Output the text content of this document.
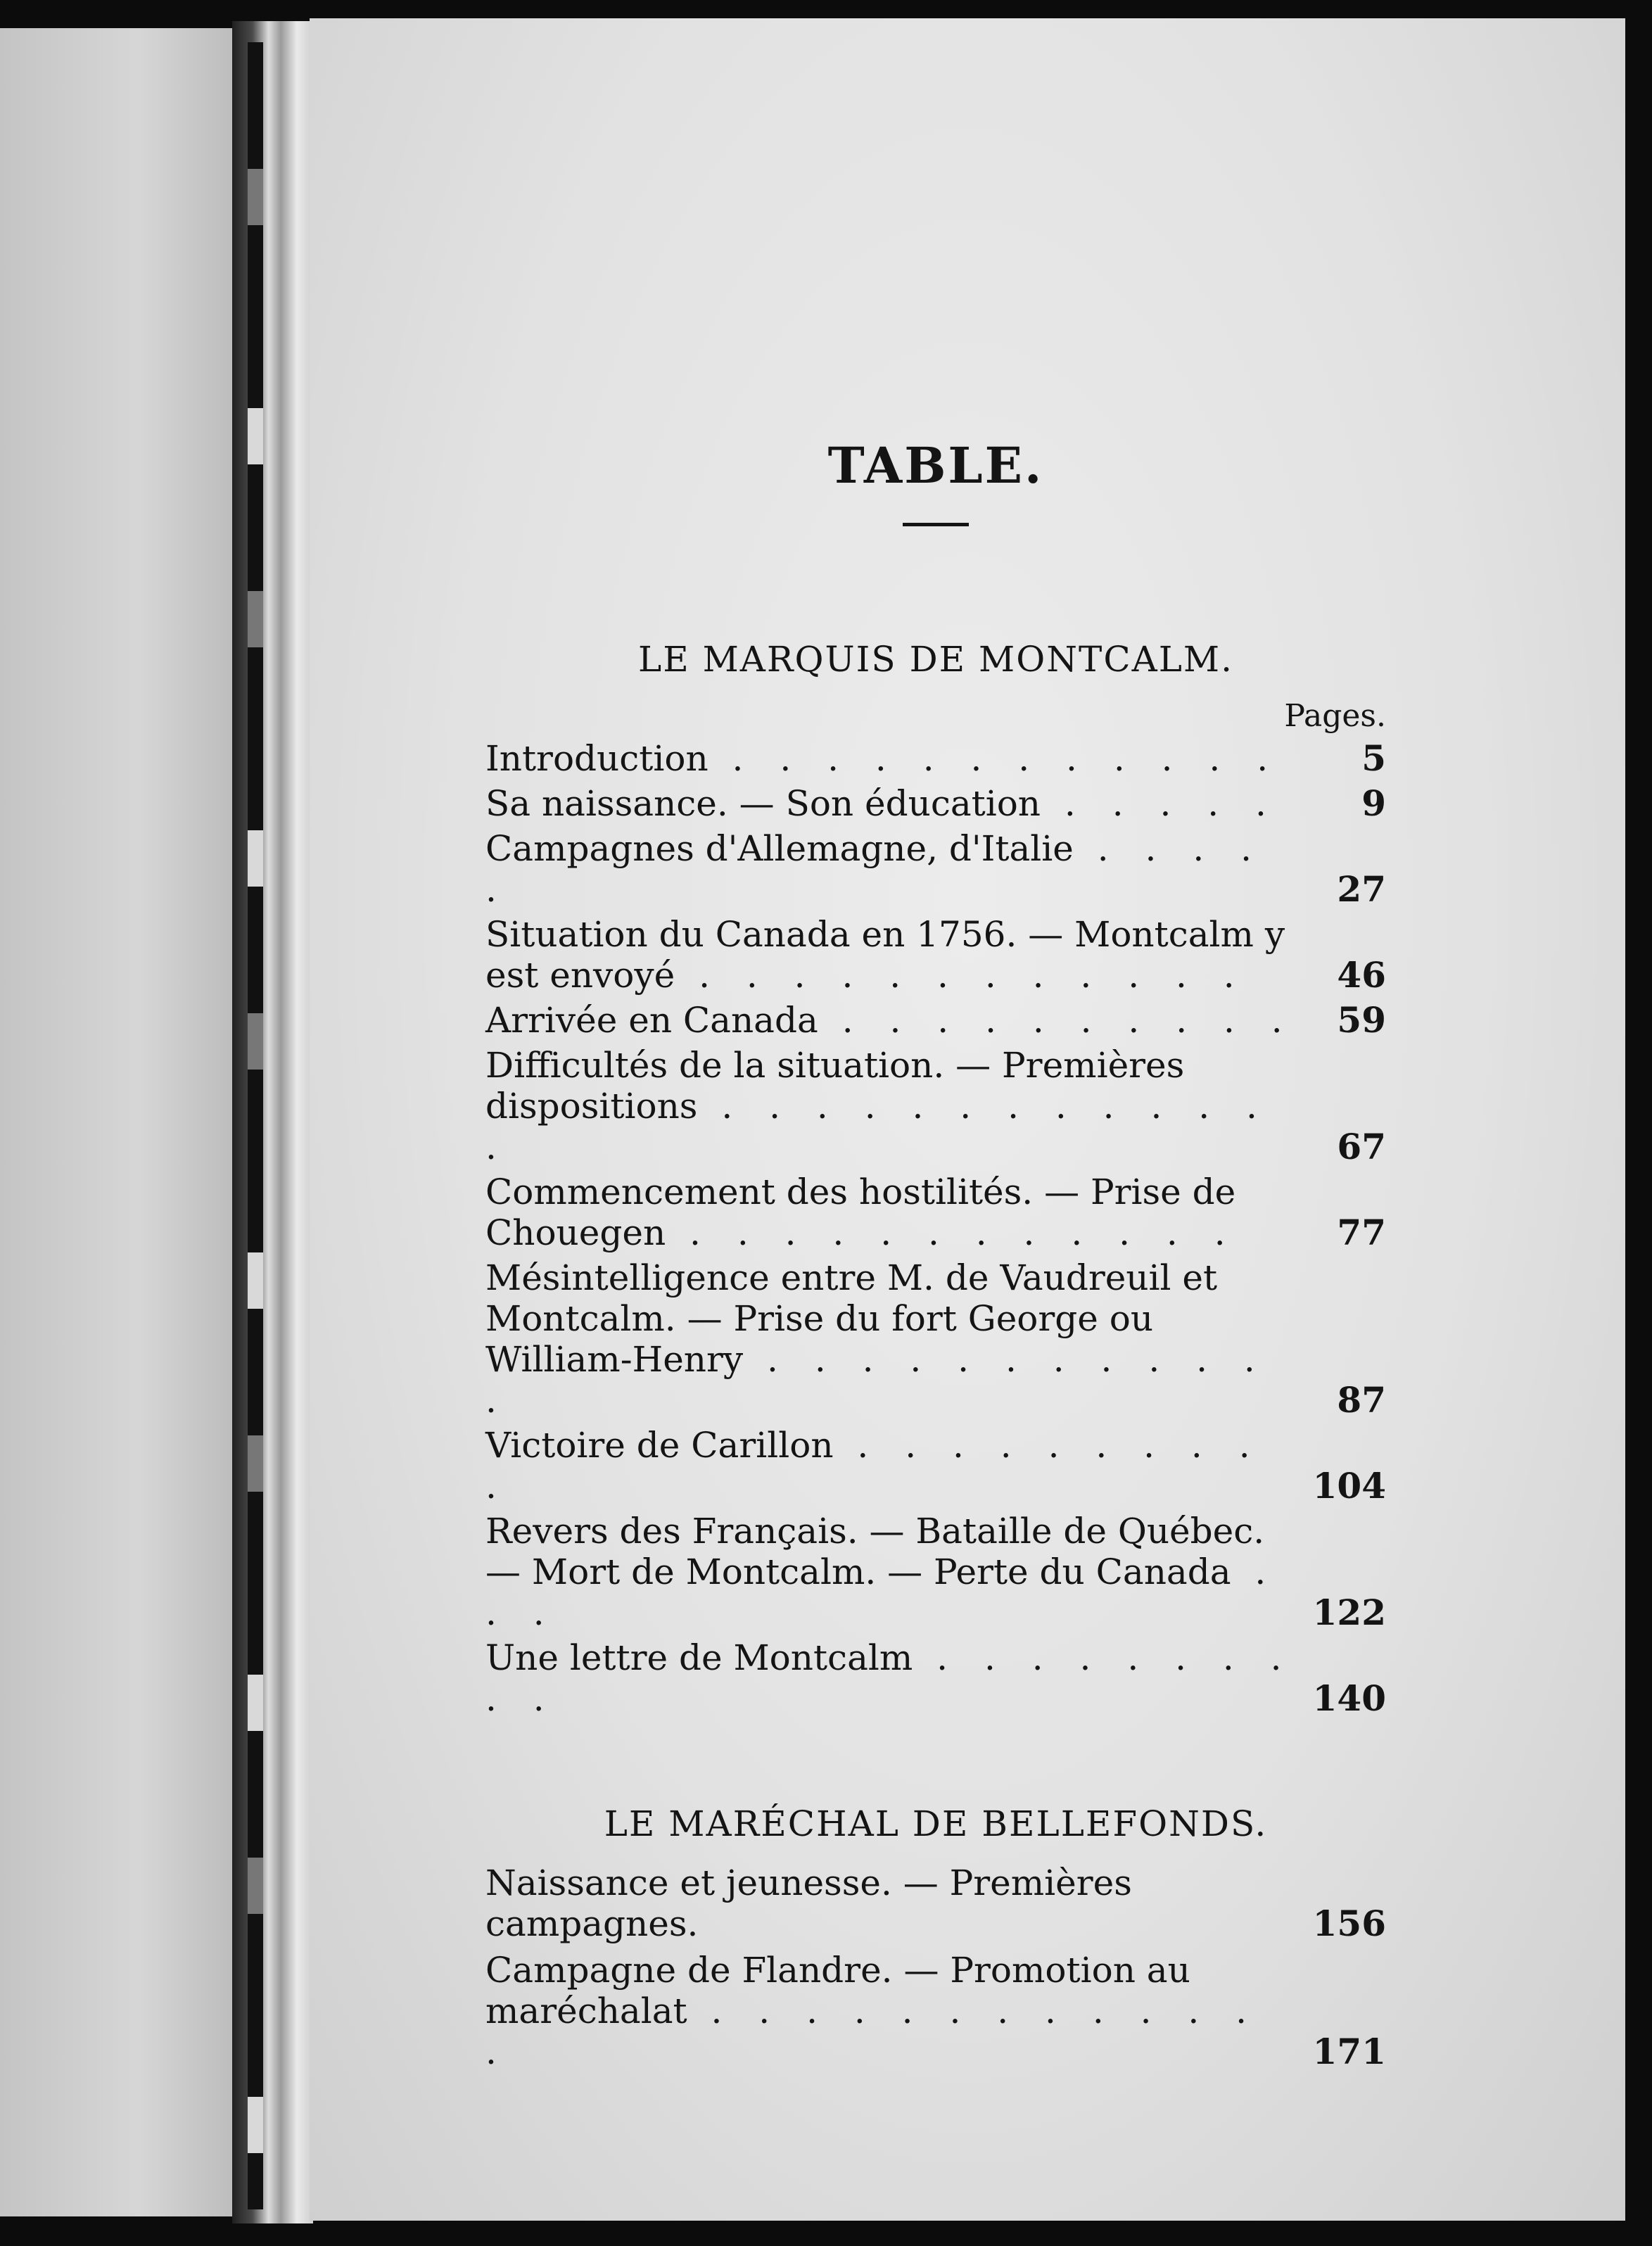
TABLE.
LE MARQUIS DE MONTCALM.
Pages.
Introduction . . . . . . . . . . . .	5
Sa naissance. — Son éducation . . . . .	9
Campagnes d'Allemagne, d'Italie . . . . .	27
Situation du Canada en 1756. — Montcalm y est envoyé . . . . . . . . . . . .	46
Arrivée en Canada . . . . . . . . . .	59
Difficultés de la situation. — Premières dispositions . . . . . . . . . . . . .	67
Commencement des hostilités. — Prise de Chouegen . . . . . . . . . . . .	77
Mésintelligence entre M. de Vaudreuil et Montcalm. — Prise du fort George ou William-Henry . . . . . . . . . . . .	87
Victoire de Carillon . . . . . . . . . .	104
Revers des Français. — Bataille de Québec. — Mort de Montcalm. — Perte du Canada . . .	122
Une lettre de Montcalm . . . . . . . . . .	140
LE MARÉCHAL DE BELLEFONDS.
Naissance et jeunesse. — Premières campagnes.	156
Campagne de Flandre. — Promotion au maréchalat . . . . . . . . . . . . .	171
